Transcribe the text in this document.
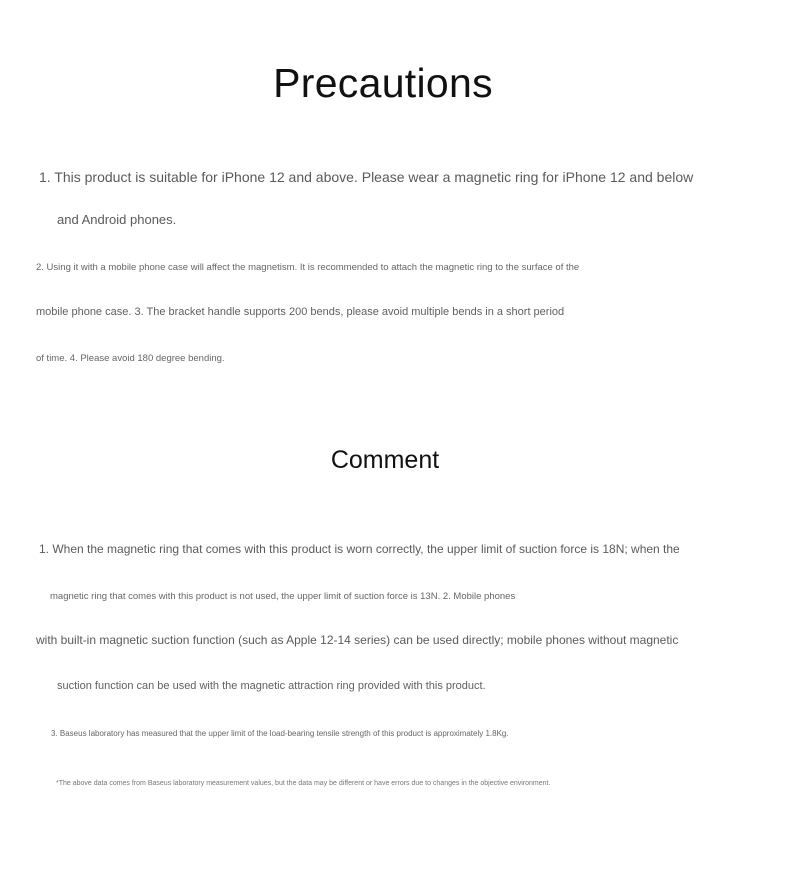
Precautions

1. This product is suitable for iPhone 12 and above. Please wear a magnetic ring for iPhone 12 and below

and Android phones.

2. Using it with a mobile phone case will affect the magnetism. It is recommended to attach the magnetic ring to the surface of the

mobile phone case. 3. The bracket handle supports 200 bends, please avoid multiple bends in a short period

of time. 4. Please avoid 180 degree bending.

Comment

1. When the magnetic ring that comes with this product is worn correctly, the upper limit of suction force is 18N; when the

magnetic ring that comes with this product is not used, the upper limit of suction force is 13N. 2. Mobile phones

with built-in magnetic suction function (such as Apple 12-14 series) can be used directly; mobile phones without magnetic

suction function can be used with the magnetic attraction ring provided with this product.

3. Baseus laboratory has measured that the upper limit of the load-bearing tensile strength of this product is approximately 1.8Kg.

*The above data comes from Baseus laboratory measurement values, but the data may be different or have errors due to changes in the objective environment.
